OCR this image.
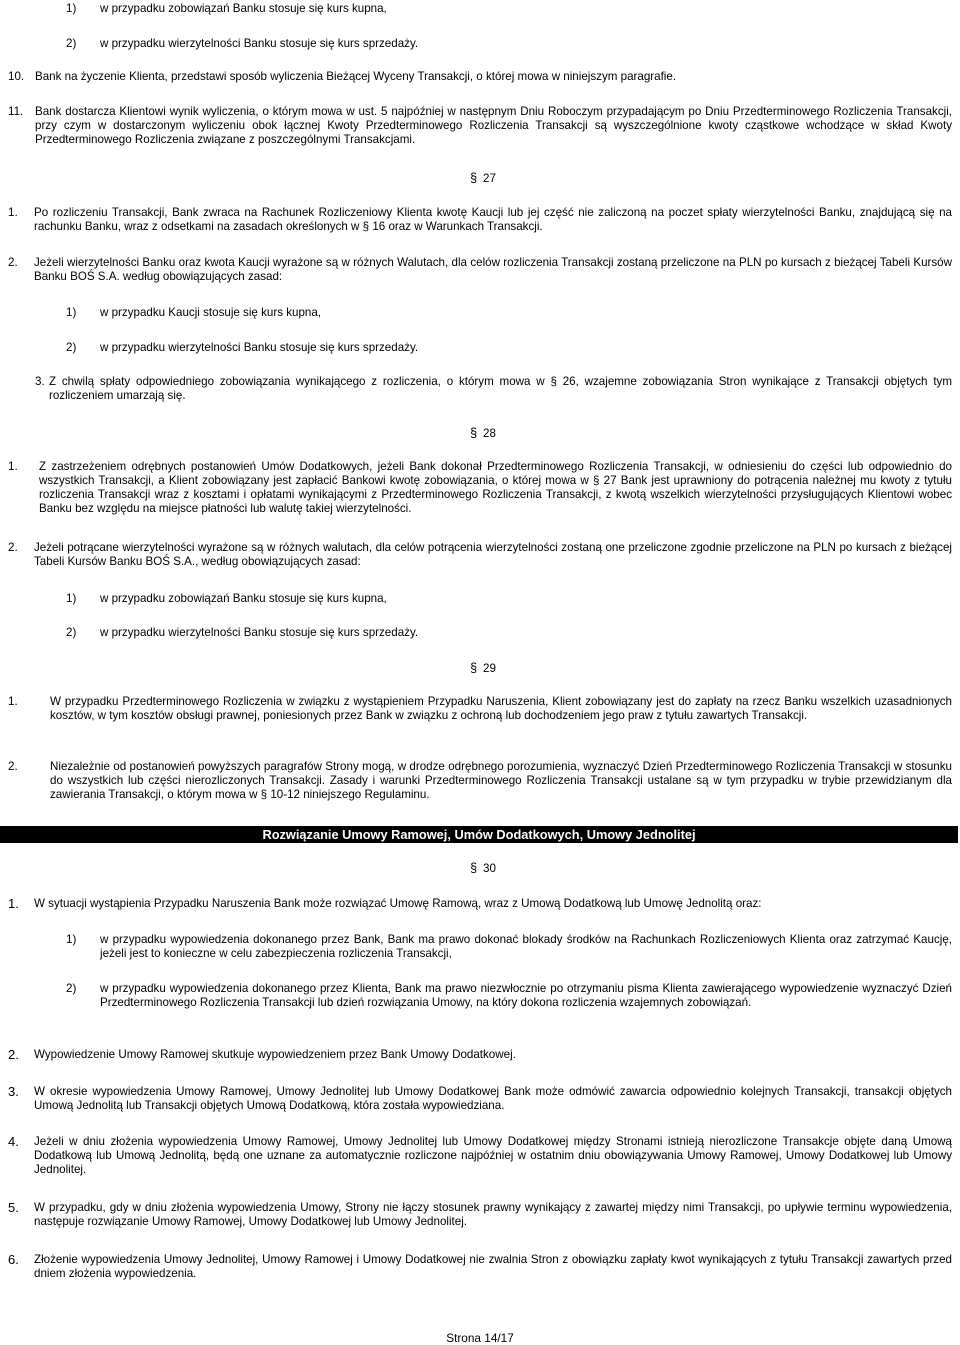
1)	w przypadku zobowiązań Banku stosuje się kurs kupna,
2)	w przypadku wierzytelności Banku stosuje się kurs sprzedaży.
10. Bank na życzenie Klienta, przedstawi sposób wyliczenia Bieżącej Wyceny Transakcji, o której mowa w niniejszym paragrafie.
11.	Bank dostarcza Klientowi wynik wyliczenia, o którym mowa w ust. 5 najpóźniej w następnym Dniu Roboczym przypadającym po Dniu Przedterminowego Rozliczenia Transakcji, przy czym w dostarczonym wyliczeniu obok łącznej Kwoty Przedterminowego Rozliczenia Transakcji są wyszczególnione kwoty cząstkowe wchodzące w skład Kwoty Przedterminowego Rozliczenia związane z poszczególnymi Transakcjami.
§ 27
1.	Po rozliczeniu Transakcji, Bank zwraca na Rachunek Rozliczeniowy Klienta kwotę Kaucji lub jej część nie zaliczoną na poczet spłaty wierzytelności Banku, znajdującą się na rachunku Banku, wraz z odsetkami na zasadach określonych w § 16 oraz w Warunkach Transakcji.
2.	Jeżeli wierzytelności Banku oraz kwota Kaucji wyrażone są w różnych Walutach, dla celów rozliczenia Transakcji zostaną przeliczone na PLN po kursach z bieżącej Tabeli Kursów Banku BOŚ S.A. według obowiązujących zasad:
1)	w przypadku Kaucji stosuje się kurs kupna,
2)	w przypadku wierzytelności Banku stosuje się kurs sprzedaży.
3. Z chwilą spłaty odpowiedniego zobowiązania wynikającego z rozliczenia, o którym mowa w § 26, wzajemne zobowiązania Stron wynikające z Transakcji objętych tym rozliczeniem umarzają się.
§ 28
1.	Z zastrzeżeniem odrębnych postanowień Umów Dodatkowych, jeżeli Bank dokonał Przedterminowego Rozliczenia Transakcji, w odniesieniu do części lub odpowiednio do wszystkich Transakcji, a Klient zobowiązany jest zapłacić Bankowi kwotę zobowiązania, o której mowa w § 27 Bank jest uprawniony do potrącenia należnej mu kwoty z tytułu rozliczenia Transakcji wraz z kosztami i opłatami wynikającymi z Przedterminowego Rozliczenia Transakcji, z kwotą wszelkich wierzytelności przysługujących Klientowi wobec Banku bez względu na miejsce płatności lub walutę takiej wierzytelności.
2.	Jeżeli potrącane wierzytelności wyrażone są w różnych walutach, dla celów potrącenia wierzytelności zostaną one przeliczone zgodnie przeliczone na PLN po kursach z bieżącej Tabeli Kursów Banku BOŚ S.A., według obowiązujących zasad:
1)	w przypadku zobowiązań Banku stosuje się kurs kupna,
2)	w przypadku wierzytelności Banku stosuje się kurs sprzedaży.
§ 29
1.	W przypadku Przedterminowego Rozliczenia w związku z wystąpieniem Przypadku Naruszenia, Klient zobowiązany jest do zapłaty na rzecz Banku wszelkich uzasadnionych kosztów, w tym kosztów obsługi prawnej, poniesionych przez Bank w związku z ochroną lub dochodzeniem jego praw z tytułu zawartych Transakcji.
2.	Niezależnie od postanowień powyższych paragrafów Strony mogą, w drodze odrębnego porozumienia, wyznaczyć Dzień Przedterminowego Rozliczenia Transakcji w stosunku do wszystkich lub części nierozliczonych Transakcji. Zasady i warunki Przedterminowego Rozliczenia Transakcji ustalane są w tym przypadku w trybie przewidzianym dla zawierania Transakcji, o którym mowa w § 10-12 niniejszego Regulaminu.
Rozwiązanie Umowy Ramowej, Umów Dodatkowych, Umowy Jednolitej
§ 30
1.	W sytuacji wystąpienia Przypadku Naruszenia Bank może rozwiązać Umowę Ramową, wraz z Umową Dodatkową lub Umowę Jednolitą oraz:
1)	w przypadku wypowiedzenia dokonanego przez Bank, Bank ma prawo dokonać blokady środków na Rachunkach Rozliczeniowych Klienta oraz zatrzymać Kaucję, jeżeli jest to konieczne w celu zabezpieczenia rozliczenia Transakcji,
2)	w przypadku wypowiedzenia dokonanego przez Klienta, Bank ma prawo niezwłocznie po otrzymaniu pisma Klienta zawierającego wypowiedzenie wyznaczyć Dzień Przedterminowego Rozliczenia Transakcji lub dzień rozwiązania Umowy, na który dokona rozliczenia wzajemnych zobowiązań.
2.	Wypowiedzenie Umowy Ramowej skutkuje wypowiedzeniem przez Bank Umowy Dodatkowej.
3.	W okresie wypowiedzenia Umowy Ramowej, Umowy Jednolitej lub Umowy Dodatkowej Bank może odmówić zawarcia odpowiednio kolejnych Transakcji, transakcji objętych Umową Jednolitą lub Transakcji objętych Umową Dodatkową, która została wypowiedziana.
4.	Jeżeli w dniu złożenia wypowiedzenia Umowy Ramowej, Umowy Jednolitej lub Umowy Dodatkowej między Stronami istnieją nierozliczone Transakcje objęte daną Umową Dodatkową lub Umową Jednolitą, będą one uznane za automatycznie rozliczone najpóźniej w ostatnim dniu obowiązywania Umowy Ramowej, Umowy Dodatkowej lub Umowy Jednolitej.
5.	W przypadku, gdy w dniu złożenia wypowiedzenia Umowy, Strony nie łączy stosunek prawny wynikający z zawartej między nimi Transakcji, po upływie terminu wypowiedzenia, następuje rozwiązanie Umowy Ramowej, Umowy Dodatkowej lub Umowy Jednolitej.
6.	Złożenie wypowiedzenia Umowy Jednolitej, Umowy Ramowej i Umowy Dodatkowej nie zwalnia Stron z obowiązku zapłaty kwot wynikających z tytułu Transakcji zawartych przed dniem złożenia wypowiedzenia.
Strona 14/17
